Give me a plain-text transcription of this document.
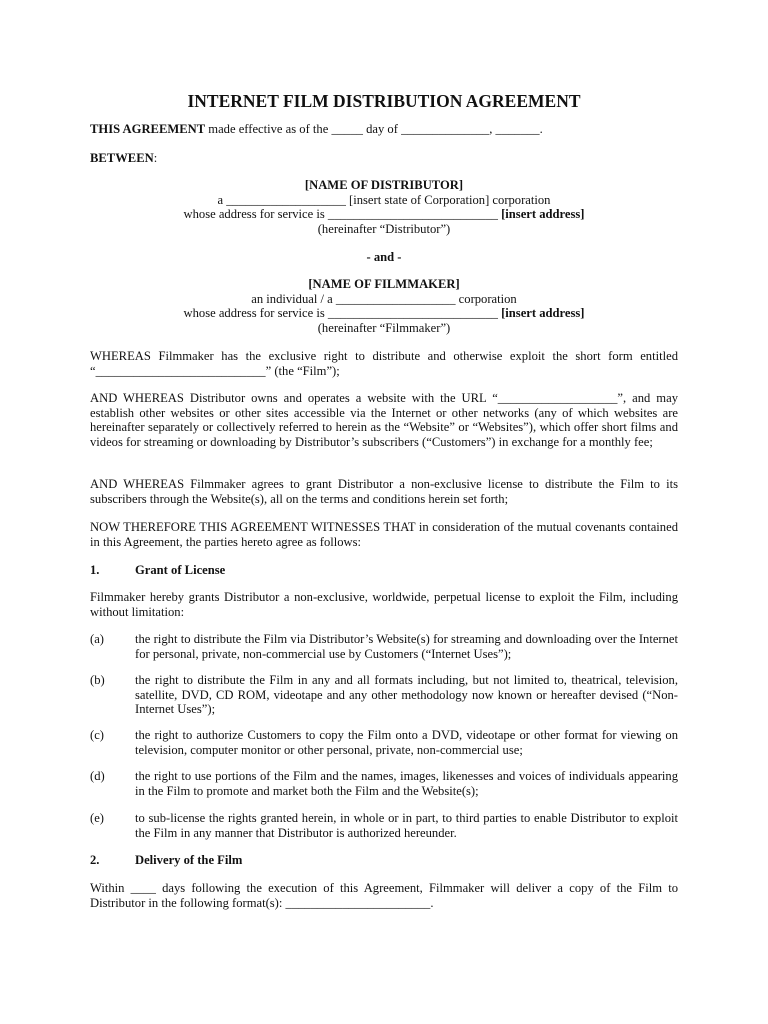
INTERNET FILM DISTRIBUTION AGREEMENT

THIS AGREEMENT made effective as of the _____ day of ______________, _______.

BETWEEN:

[NAME OF DISTRIBUTOR]
a ___________________ [insert state of Corporation] corporation
whose address for service is ___________________________ [insert address]
(hereinafter “Distributor”)
- and -
[NAME OF FILMMAKER]
an individual / a ___________________ corporation
whose address for service is ___________________________ [insert address]
(hereinafter “Filmmaker”)

WHEREAS Filmmaker has the exclusive right to distribute and otherwise exploit the short form entitled “___________________________” (the “Film”);

AND WHEREAS Distributor owns and operates a website with the URL “___________________”, and may establish other websites or other sites accessible via the Internet or other networks (any of which websites are hereinafter separately or collectively referred to herein as the “Website” or “Websites”), which offer short films and videos for streaming or downloading by Distributor’s subscribers (“Customers”) in exchange for a monthly fee;

AND WHEREAS Filmmaker agrees to grant Distributor a non-exclusive license to distribute the Film to its subscribers through the Website(s), all on the terms and conditions herein set forth;

NOW THEREFORE THIS AGREEMENT WITNESSES THAT in consideration of the mutual covenants contained in this Agreement, the parties hereto agree as follows:

1.	Grant of License

Filmmaker hereby grants Distributor a non-exclusive, worldwide, perpetual license to exploit the Film, including without limitation:

(a) the right to distribute the Film via Distributor’s Website(s) for streaming and downloading over the Internet for personal, private, non-commercial use by Customers (“Internet Uses”);
(b) the right to distribute the Film in any and all formats including, but not limited to, theatrical, television, satellite, DVD, CD ROM, videotape and any other methodology now known or hereafter devised (“Non-Internet Uses”);
(c) the right to authorize Customers to copy the Film onto a DVD, videotape or other format for viewing on television, computer monitor or other personal, private, non-commercial use;
(d) the right to use portions of the Film and the names, images, likenesses and voices of individuals appearing in the Film to promote and market both the Film and the Website(s);
(e) to sub-license the rights granted herein, in whole or in part, to third parties to enable Distributor to exploit the Film in any manner that Distributor is authorized hereunder.
2.	Delivery of the Film

Within ____ days following the execution of this Agreement, Filmmaker will deliver a copy of the Film to Distributor in the following format(s): _______________________.
